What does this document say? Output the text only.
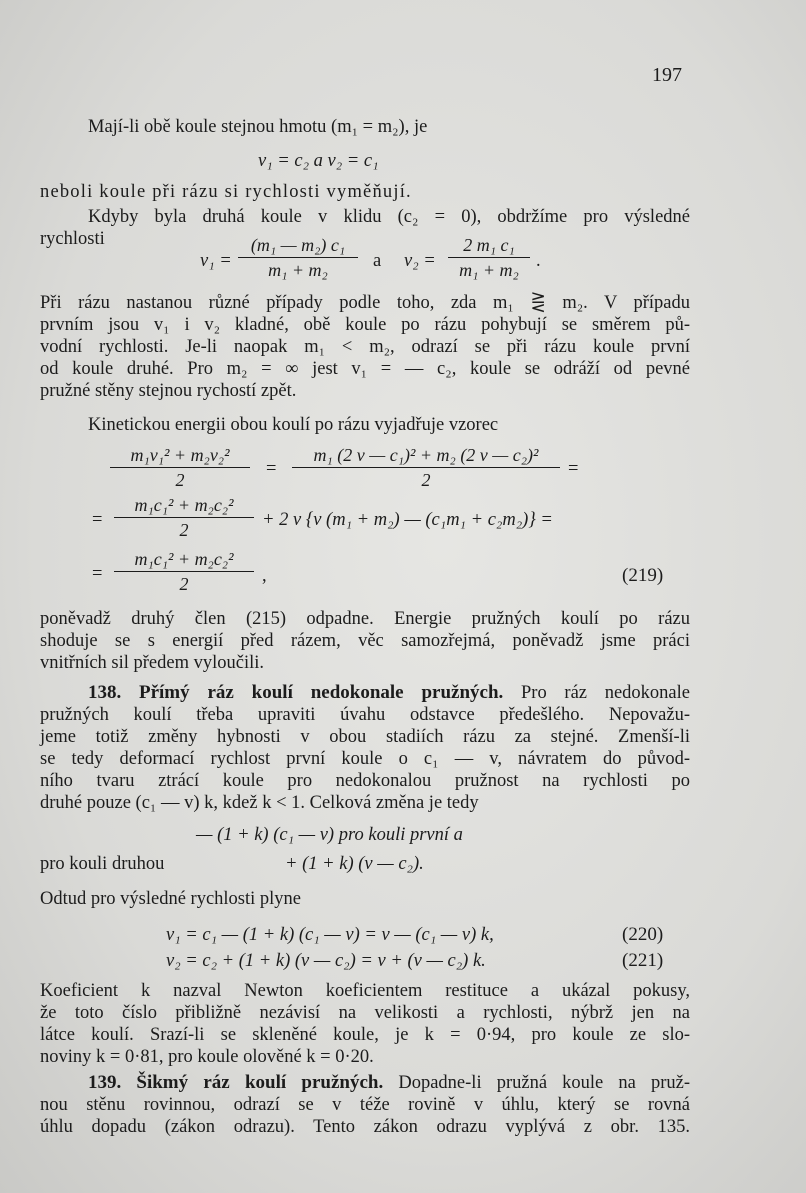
197
Mají-li obě koule stejnou hmotu (m₁ = m₂), je
v₁ = c₂ a v₂ = c₁
neboli koule při rázu si rychlosti vyměňují.
Kdyby byla druhá koule v klidu (c₂ = 0), obdržíme pro výsledné
rychlosti
v₁ =
(m₁ — m₂) c₁
m₁ + m₂	a v₂ =
2 m₁ c₁
m₁ + m₂ .
Při rázu nastanou různé případy podle toho, zda m₁ ⋛ m₂. V případu
prvním jsou v₁ i v₂ kladné, obě koule po rázu pohybují se směrem pů-
vodní rychlosti. Je-li naopak m₁ < m₂, odrazí se při rázu koule první
od koule druhé. Pro m₂ = ∞ jest v₁ = — c₂, koule se odráží od pevné
pružné stěny stejnou rychostí zpět.
Kinetickou energii obou koulí po rázu vyjadřuje vzorec
m₁v₁² + m₂v₂²
2
=
m₁ (2 v — c₁)² + m₂ (2 v — c₂)²
2
=
=
m₁c₁² + m₂c₂²
2	+ 2 v {v (m₁ + m₂) — (c₁m₁ + c₂m₂)} =
=
m₁c₁² + m₂c₂²
2	,	(219)
poněvadž druhý člen (215) odpadne. Energie pružných koulí po rázu
shoduje se s energií před rázem, věc samozřejmá, poněvadž jsme práci
vnitřních sil předem vyloučili.
138. Přímý ráz koulí nedokonale pružných. Pro ráz nedokonale
pružných koulí třeba upraviti úvahu odstavce předešlého. Nepovažu-
jeme totiž změny hybnosti v obou stadiích rázu za stejné. Zmenší-li
se tedy deformací rychlost první koule o c₁ — v, návratem do původ-
ního tvaru ztrácí koule pro nedokonalou pružnost na rychlosti po
druhé pouze (c₁ — v) k, kdež k < 1. Celková změna je tedy
— (1 + k) (c₁ — v) pro kouli první a
pro kouli druhou	+ (1 + k) (v — c₂).
Odtud pro výsledné rychlosti plyne
v₁ = c₁ — (1 + k) (c₁ — v) = v — (c₁ — v) k,	(220)
v₂ = c₂ + (1 + k) (v — c₂) = v + (v — c₂) k.	(221)
Koeficient k nazval Newton koeficientem restituce a ukázal pokusy,
že toto číslo přibližně nezávisí na velikosti a rychlosti, nýbrž jen na
látce koulí. Srazí-li se skleněné koule, je k = 0·94, pro koule ze slo-
noviny k = 0·81, pro koule olověné k = 0·20.
139. Šikmý ráz koulí pružných. Dopadne-li pružná koule na pruž-
nou stěnu rovinnou, odrazí se v téže rovině v úhlu, který se rovná
úhlu dopadu (zákon odrazu). Tento zákon odrazu vyplývá z obr. 135.
